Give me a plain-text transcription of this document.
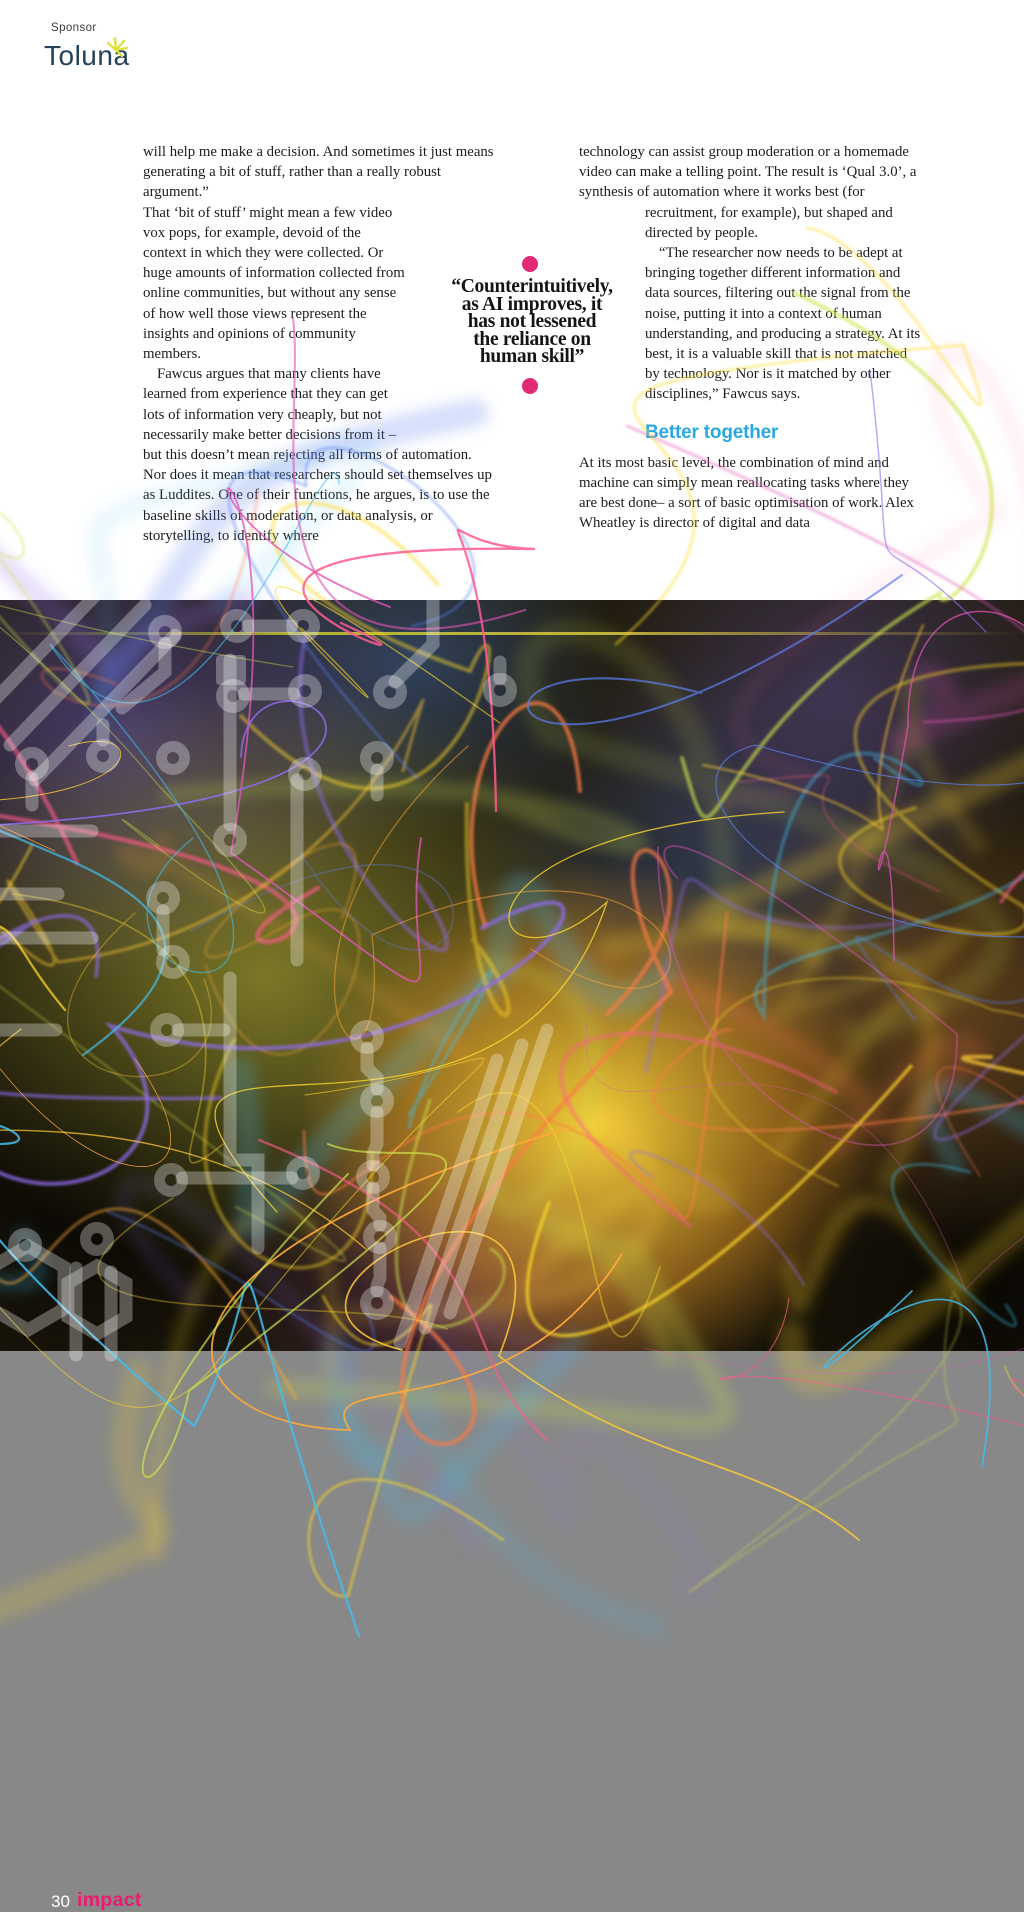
Sponsor
Toluna

will help me make a decision. And sometimes it just means generating a bit of stuff, rather than a really robust argument.”

That ‘bit of stuff’ might mean a few video vox pops, for example, devoid of the context in which they were collected. Or huge amounts of information collected from online communities, but without any sense of how well those views represent the insights and opinions of community members.

Fawcus argues that many clients have learned from experience that they can get lots of information very cheaply, but not necessarily make better decisions from it – but this doesn’t mean rejecting all forms of automation. Nor does it mean that researchers should set themselves up as Luddites. One of their functions, he argues, is to use the baseline skills of moderation, or data analysis, or storytelling, to identify where

“Counterintuitively,
as AI improves, it
has not lessened
the reliance on
human skill”

technology can assist group moderation or a homemade video can make a telling point. The result is ‘Qual 3.0’, a synthesis of automation where it works best (for recruitment, for example), but shaped and directed by people.

“The researcher now needs to be adept at bringing together different information and data sources, filtering out the signal from the noise, putting it into a context of human understanding, and producing a strategy. At its best, it is a valuable skill that is not matched by technology. Nor is it matched by other disciplines,” Fawcus says.

Better together

At its most basic level, the combination of mind and machine can simply mean reallocating tasks where they are best done– a sort of basic optimisation of work. Alex Wheatley is director of digital and data

30 impact
